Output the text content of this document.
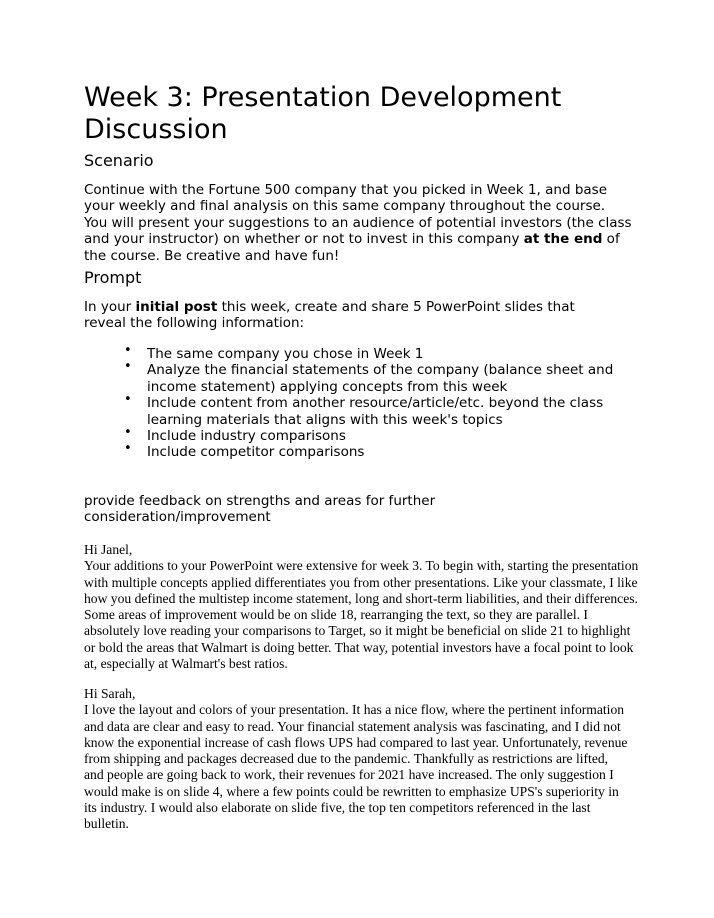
Week 3: Presentation Development Discussion
Scenario

Continue with the Fortune 500 company that you picked in Week 1, and base your weekly and final analysis on this same company throughout the course. You will present your suggestions to an audience of potential investors (the class and your instructor) on whether or not to invest in this company at the end of the course. Be creative and have fun!

Prompt

In your initial post this week, create and share 5 PowerPoint slides that reveal the following information:

• The same company you chose in Week 1
• Analyze the financial statements of the company (balance sheet and income statement) applying concepts from this week
• Include content from another resource/article/etc. beyond the class learning materials that aligns with this week's topics
• Include industry comparisons
• Include competitor comparisons

provide feedback on strengths and areas for further consideration/improvement

Hi Janel,
Your additions to your PowerPoint were extensive for week 3. To begin with, starting the presentation with multiple concepts applied differentiates you from other presentations. Like your classmate, I like how you defined the multistep income statement, long and short-term liabilities, and their differences. Some areas of improvement would be on slide 18, rearranging the text, so they are parallel. I absolutely love reading your comparisons to Target, so it might be beneficial on slide 21 to highlight or bold the areas that Walmart is doing better. That way, potential investors have a focal point to look at, especially at Walmart's best ratios.

Hi Sarah,
I love the layout and colors of your presentation. It has a nice flow, where the pertinent information and data are clear and easy to read. Your financial statement analysis was fascinating, and I did not know the exponential increase of cash flows UPS had compared to last year. Unfortunately, revenue from shipping and packages decreased due to the pandemic. Thankfully as restrictions are lifted, and people are going back to work, their revenues for 2021 have increased. The only suggestion I would make is on slide 4, where a few points could be rewritten to emphasize UPS's superiority in its industry. I would also elaborate on slide five, the top ten competitors referenced in the last bulletin.
